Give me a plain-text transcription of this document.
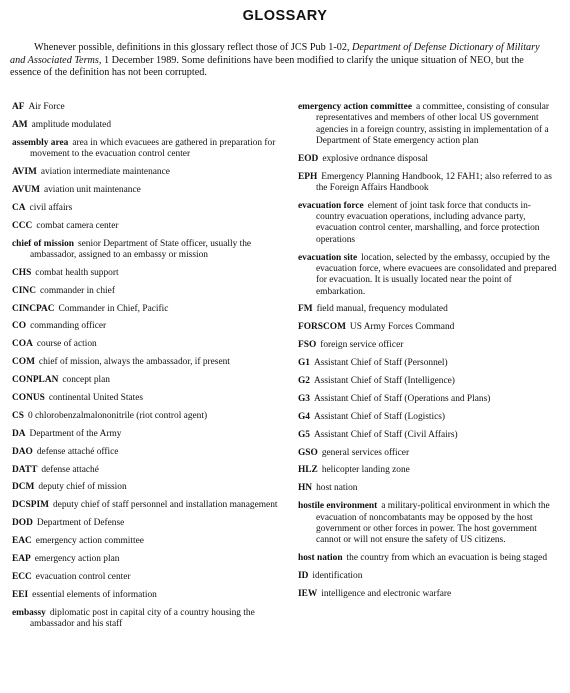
GLOSSARY
Whenever possible, definitions in this glossary reflect those of JCS Pub 1-02, Department of Defense Dictionary of Military and Associated Terms, 1 December 1989. Some definitions have been modified to clarify the unique situation of NEO, but the essence of the definition has not been corrupted.
AF Air Force
AM amplitude modulated
assembly area area in which evacuees are gathered in preparation for movement to the evacuation control center
AVIM aviation intermediate maintenance
AVUM aviation unit maintenance
CA civil affairs
CCC combat camera center
chief of mission senior Department of State officer, usually the ambassador, assigned to an embassy or mission
CHS combat health support
CINC commander in chief
CINCPAC Commander in Chief, Pacific
CO commanding officer
COA course of action
COM chief of mission, always the ambassador, if present
CONPLAN concept plan
CONUS continental United States
CS 0 chlorobenzalmalononitrile (riot control agent)
DA Department of the Army
DAO defense attaché office
DATT defense attaché
DCM deputy chief of mission
DCSPIM deputy chief of staff personnel and installation management
DOD Department of Defense
EAC emergency action committee
EAP emergency action plan
ECC evacuation control center
EEI essential elements of information
embassy diplomatic post in capital city of a country housing the ambassador and his staff
emergency action committee a committee, consisting of consular representatives and members of other local US government agencies in a foreign country, assisting in implementation of a Department of State emergency action plan
EOD explosive ordnance disposal
EPH Emergency Planning Handbook, 12 FAH1; also referred to as the Foreign Affairs Handbook
evacuation force element of joint task force that conducts in-country evacuation operations, including advance party, evacuation control center, marshalling, and force protection operations
evacuation site location, selected by the embassy, occupied by the evacuation force, where evacuees are consolidated and prepared for evacuation. It is usually located near the point of embarkation.
FM field manual, frequency modulated
FORSCOM US Army Forces Command
FSO foreign service officer
G1 Assistant Chief of Staff (Personnel)
G2 Assistant Chief of Staff (Intelligence)
G3 Assistant Chief of Staff (Operations and Plans)
G4 Assistant Chief of Staff (Logistics)
G5 Assistant Chief of Staff (Civil Affairs)
GSO general services officer
HLZ helicopter landing zone
HN host nation
hostile environment a military-political environment in which the evacuation of noncombatants may be opposed by the host government or other forces in power. The host government cannot or will not ensure the safety of US citizens.
host nation the country from which an evacuation is being staged
ID identification
IEW intelligence and electronic warfare
